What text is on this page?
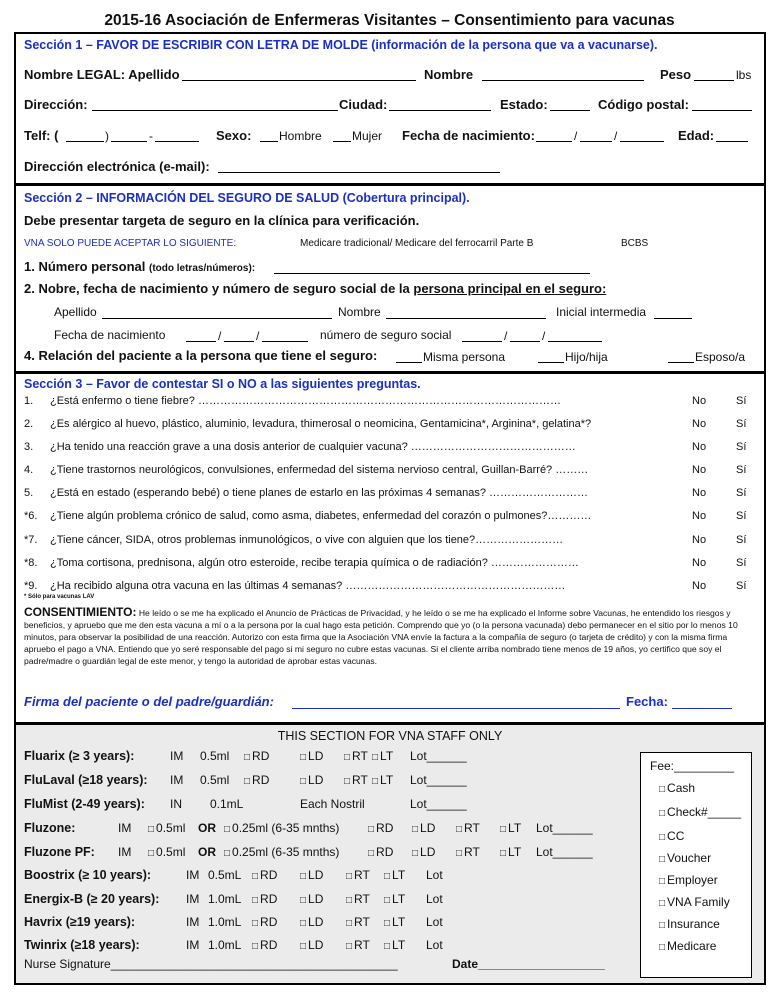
2015-16 Asociación de Enfermeras Visitantes – Consentimiento para vacunas
Sección 1 – FAVOR DE ESCRIBIR CON LETRA DE MOLDE (información de la persona que va a vacunarse).
Nombre LEGAL: Apellido	Nombre	Peso	lbs
Dirección:	Ciudad:	Estado:	Código postal:
Telf: (	)	-	Sexo: Hombre	Mujer Fecha de nacimiento:	/	/	Edad:
Dirección electrónica (e-mail):
Sección 2 – INFORMACIÓN DEL SEGURO DE SALUD (Cobertura principal).
Debe presentar targeta de seguro en la clínica para verificación.
VNA SOLO PUEDE ACEPTAR LO SIGUIENTE:	Medicare tradicional/ Medicare del ferrocarril Parte B	BCBS
1. Número personal (todo letras/números):
2. Nobre, fecha de nacimiento y número de seguro social de la persona principal en el seguro:
Apellido	Nombre	Inicial intermedia
Fecha de nacimiento	/	/	número de seguro social	/	/
4. Relación del paciente a la persona que tiene el seguro:	Misma persona	Hijo/hija	Esposo/a
Sección 3 – Favor de contestar SI o NO a las siguientes preguntas.
1. ¿Está enfermo o tiene fiebre? ………………………………………………………………………………………	No	Sí
2. ¿Es alérgico al huevo, plástico, aluminio, levadura, thimerosal o neomicina, Gentamicina*, Arginina*, gelatina*?	No	Sí
3. ¿Ha tenido una reacción grave a una dosis anterior de cualquier vacuna? ………………………………………	No	Sí
4. ¿Tiene trastornos neurológicos, convulsiones, enfermedad del sistema nervioso central, Guillan-Barré? ………	No	Sí
5. ¿Está en estado (esperando bebé) o tiene planes de estarlo en las próximas 4 semanas? ………………………	No	Sí
*6. ¿Tiene algún problema crónico de salud, como asma, diabetes, enfermedad del corazón o pulmones?…………	No	Sí
*7. ¿Tiene cáncer, SIDA, otros problemas inmunológicos, o vive con alguien que los tiene?……………………	No	Sí
*8. ¿Toma cortisona, prednisona, algún otro esteroide, recibe terapia química o de radiación? ……………………	No	Sí
*9. ¿Ha recibido alguna otra vacuna en las últimas 4 semanas? ……………………………………………………	No	Sí
* Sólo para vacunas LAV
CONSENTIMIENTO: He leído o se me ha explicado el Anuncio de Prácticas de Privacidad, y he leído o se me ha explicado el Informe sobre Vacunas, he entendido los riesgos y beneficios, y apruebo que me den esta vacuna a mí o a la persona por la cual hago esta petición. Comprendo que yo (o la persona vacunada) debo permanecer en el sitio por lo menos 10 minutos, para observar la posibilidad de una reacción. Autorizo con esta firma que la Asociación VNA envíe la factura a la compañía de seguro (o tarjeta de crédito) y con la misma firma apruebo el pago a VNA. Entiendo que yo seré responsable del pago si mi seguro no cubre estas vacunas. Si el cliente arriba nombrado tiene menos de 19 años, yo certifico que soy el padre/madre o guardián legal de este menor, y tengo la autoridad de aprobar estas vacunas.
Firma del paciente o del padre/guardián:	Fecha:
THIS SECTION FOR VNA STAFF ONLY
Fluarix (≥ 3 years):	IM 0.5ml	□ RD	□ LD	□ RT	□ LT Lot______
FluLaval (≥18 years): IM 0.5ml	□ RD	□ LD	□ RT	□ LT Lot______
FluMist (2-49 years): IN 0.1mL	Each Nostril	Lot______
Fluzone:	IM	□ 0.5ml OR	□ 0.25ml (6-35 mnths)	□ RD	□ LD	□ RT	□ LT Lot______
Fluzone PF: IM	□ 0.5ml OR	□ 0.25ml (6-35 mnths)	□ RD	□ LD	□ RT	□ LT Lot______
Boostrix (≥ 10 years):	IM 0.5mL	□ RD	□ LD	□ RT	□ LT Lot
Energix-B (≥ 20 years): IM 1.0mL	□ RD	□ LD	□ RT	□ LT Lot
Havrix (≥19 years):	IM 1.0mL	□ RD	□ LD	□ RT	□ LT Lot
Twinrix (≥18 years):	IM 1.0mL	□ RD	□ LD	□ RT	□ LT Lot
Fee:_________
□ Cash
□ Check#_____
□ CC
□ Voucher
□ Employer
□ VNA Family
□ Insurance
□ Medicare
Nurse Signature___________________________________________	Date___________________
